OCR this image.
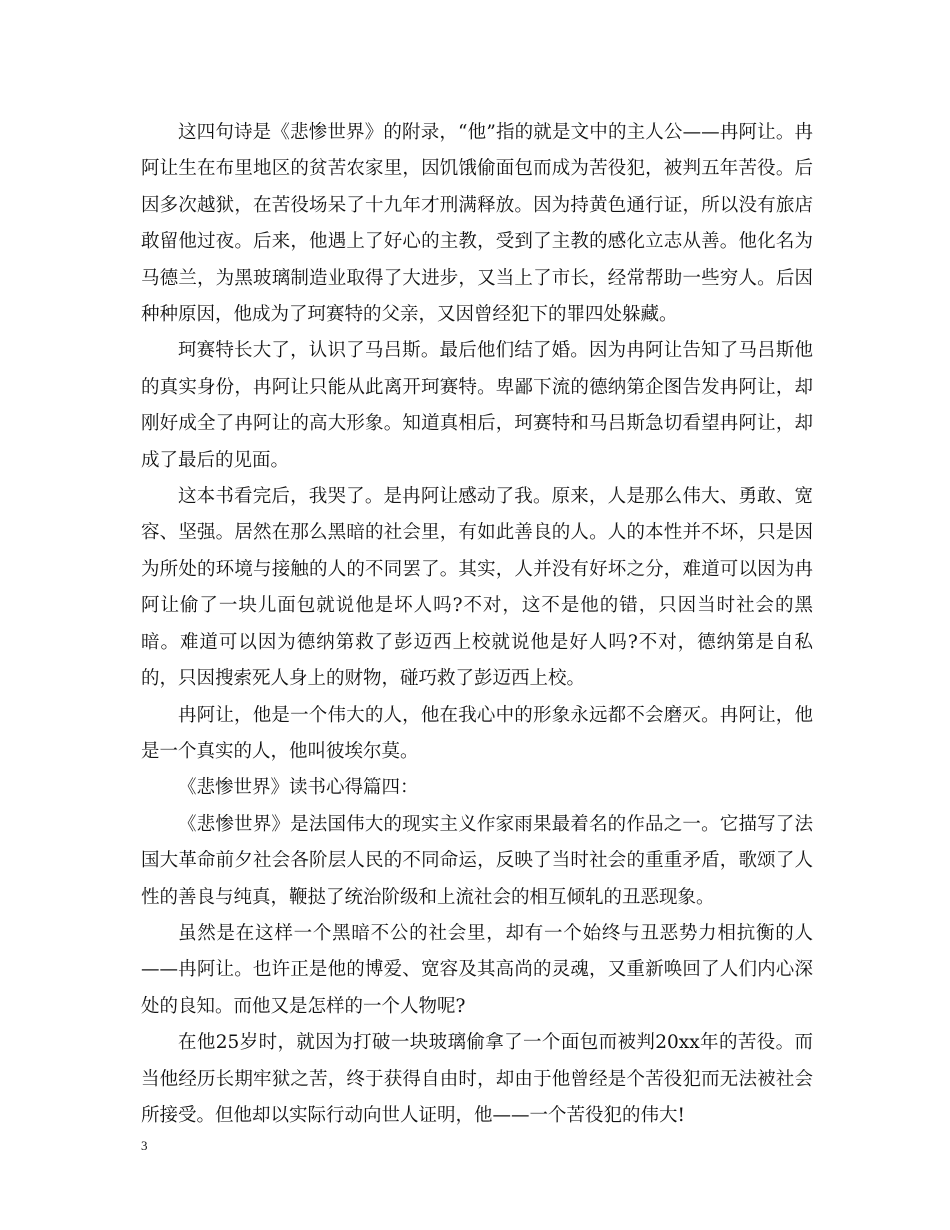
这四句诗是《悲惨世界》的附录，“他”指的就是文中的主人公——冉阿让。冉阿让生在布里地区的贫苦农家里，因饥饿偷面包而成为苦役犯，被判五年苦役。后因多次越狱，在苦役场呆了十九年才刑满释放。因为持黄色通行证，所以没有旅店敢留他过夜。后来，他遇上了好心的主教，受到了主教的感化立志从善。他化名为马德兰，为黑玻璃制造业取得了大进步，又当上了市长，经常帮助一些穷人。后因种种原因，他成为了珂赛特的父亲，又因曾经犯下的罪四处躲藏。

珂赛特长大了，认识了马吕斯。最后他们结了婚。因为冉阿让告知了马吕斯他的真实身份，冉阿让只能从此离开珂赛特。卑鄙下流的德纳第企图告发冉阿让，却刚好成全了冉阿让的高大形象。知道真相后，珂赛特和马吕斯急切看望冉阿让，却成了最后的见面。

这本书看完后，我哭了。是冉阿让感动了我。原来，人是那么伟大、勇敢、宽容、坚强。居然在那么黑暗的社会里，有如此善良的人。人的本性并不坏，只是因为所处的环境与接触的人的不同罢了。其实，人并没有好坏之分，难道可以因为冉阿让偷了一块儿面包就说他是坏人吗?不对，这不是他的错，只因当时社会的黑暗。难道可以因为德纳第救了彭迈西上校就说他是好人吗?不对，德纳第是自私的，只因搜索死人身上的财物，碰巧救了彭迈西上校。

冉阿让，他是一个伟大的人，他在我心中的形象永远都不会磨灭。冉阿让，他是一个真实的人，他叫彼埃尔莫。

《悲惨世界》读书心得篇四：

《悲惨世界》是法国伟大的现实主义作家雨果最着名的作品之一。它描写了法国大革命前夕社会各阶层人民的不同命运，反映了当时社会的重重矛盾，歌颂了人性的善良与纯真，鞭挞了统治阶级和上流社会的相互倾轧的丑恶现象。

虽然是在这样一个黑暗不公的社会里，却有一个始终与丑恶势力相抗衡的人——冉阿让。也许正是他的博爱、宽容及其高尚的灵魂，又重新唤回了人们内心深处的良知。而他又是怎样的一个人物呢?

在他25岁时，就因为打破一块玻璃偷拿了一个面包而被判20xx年的苦役。而当他经历长期牢狱之苦，终于获得自由时，却由于他曾经是个苦役犯而无法被社会所接受。但他却以实际行动向世人证明，他——一个苦役犯的伟大!

3
